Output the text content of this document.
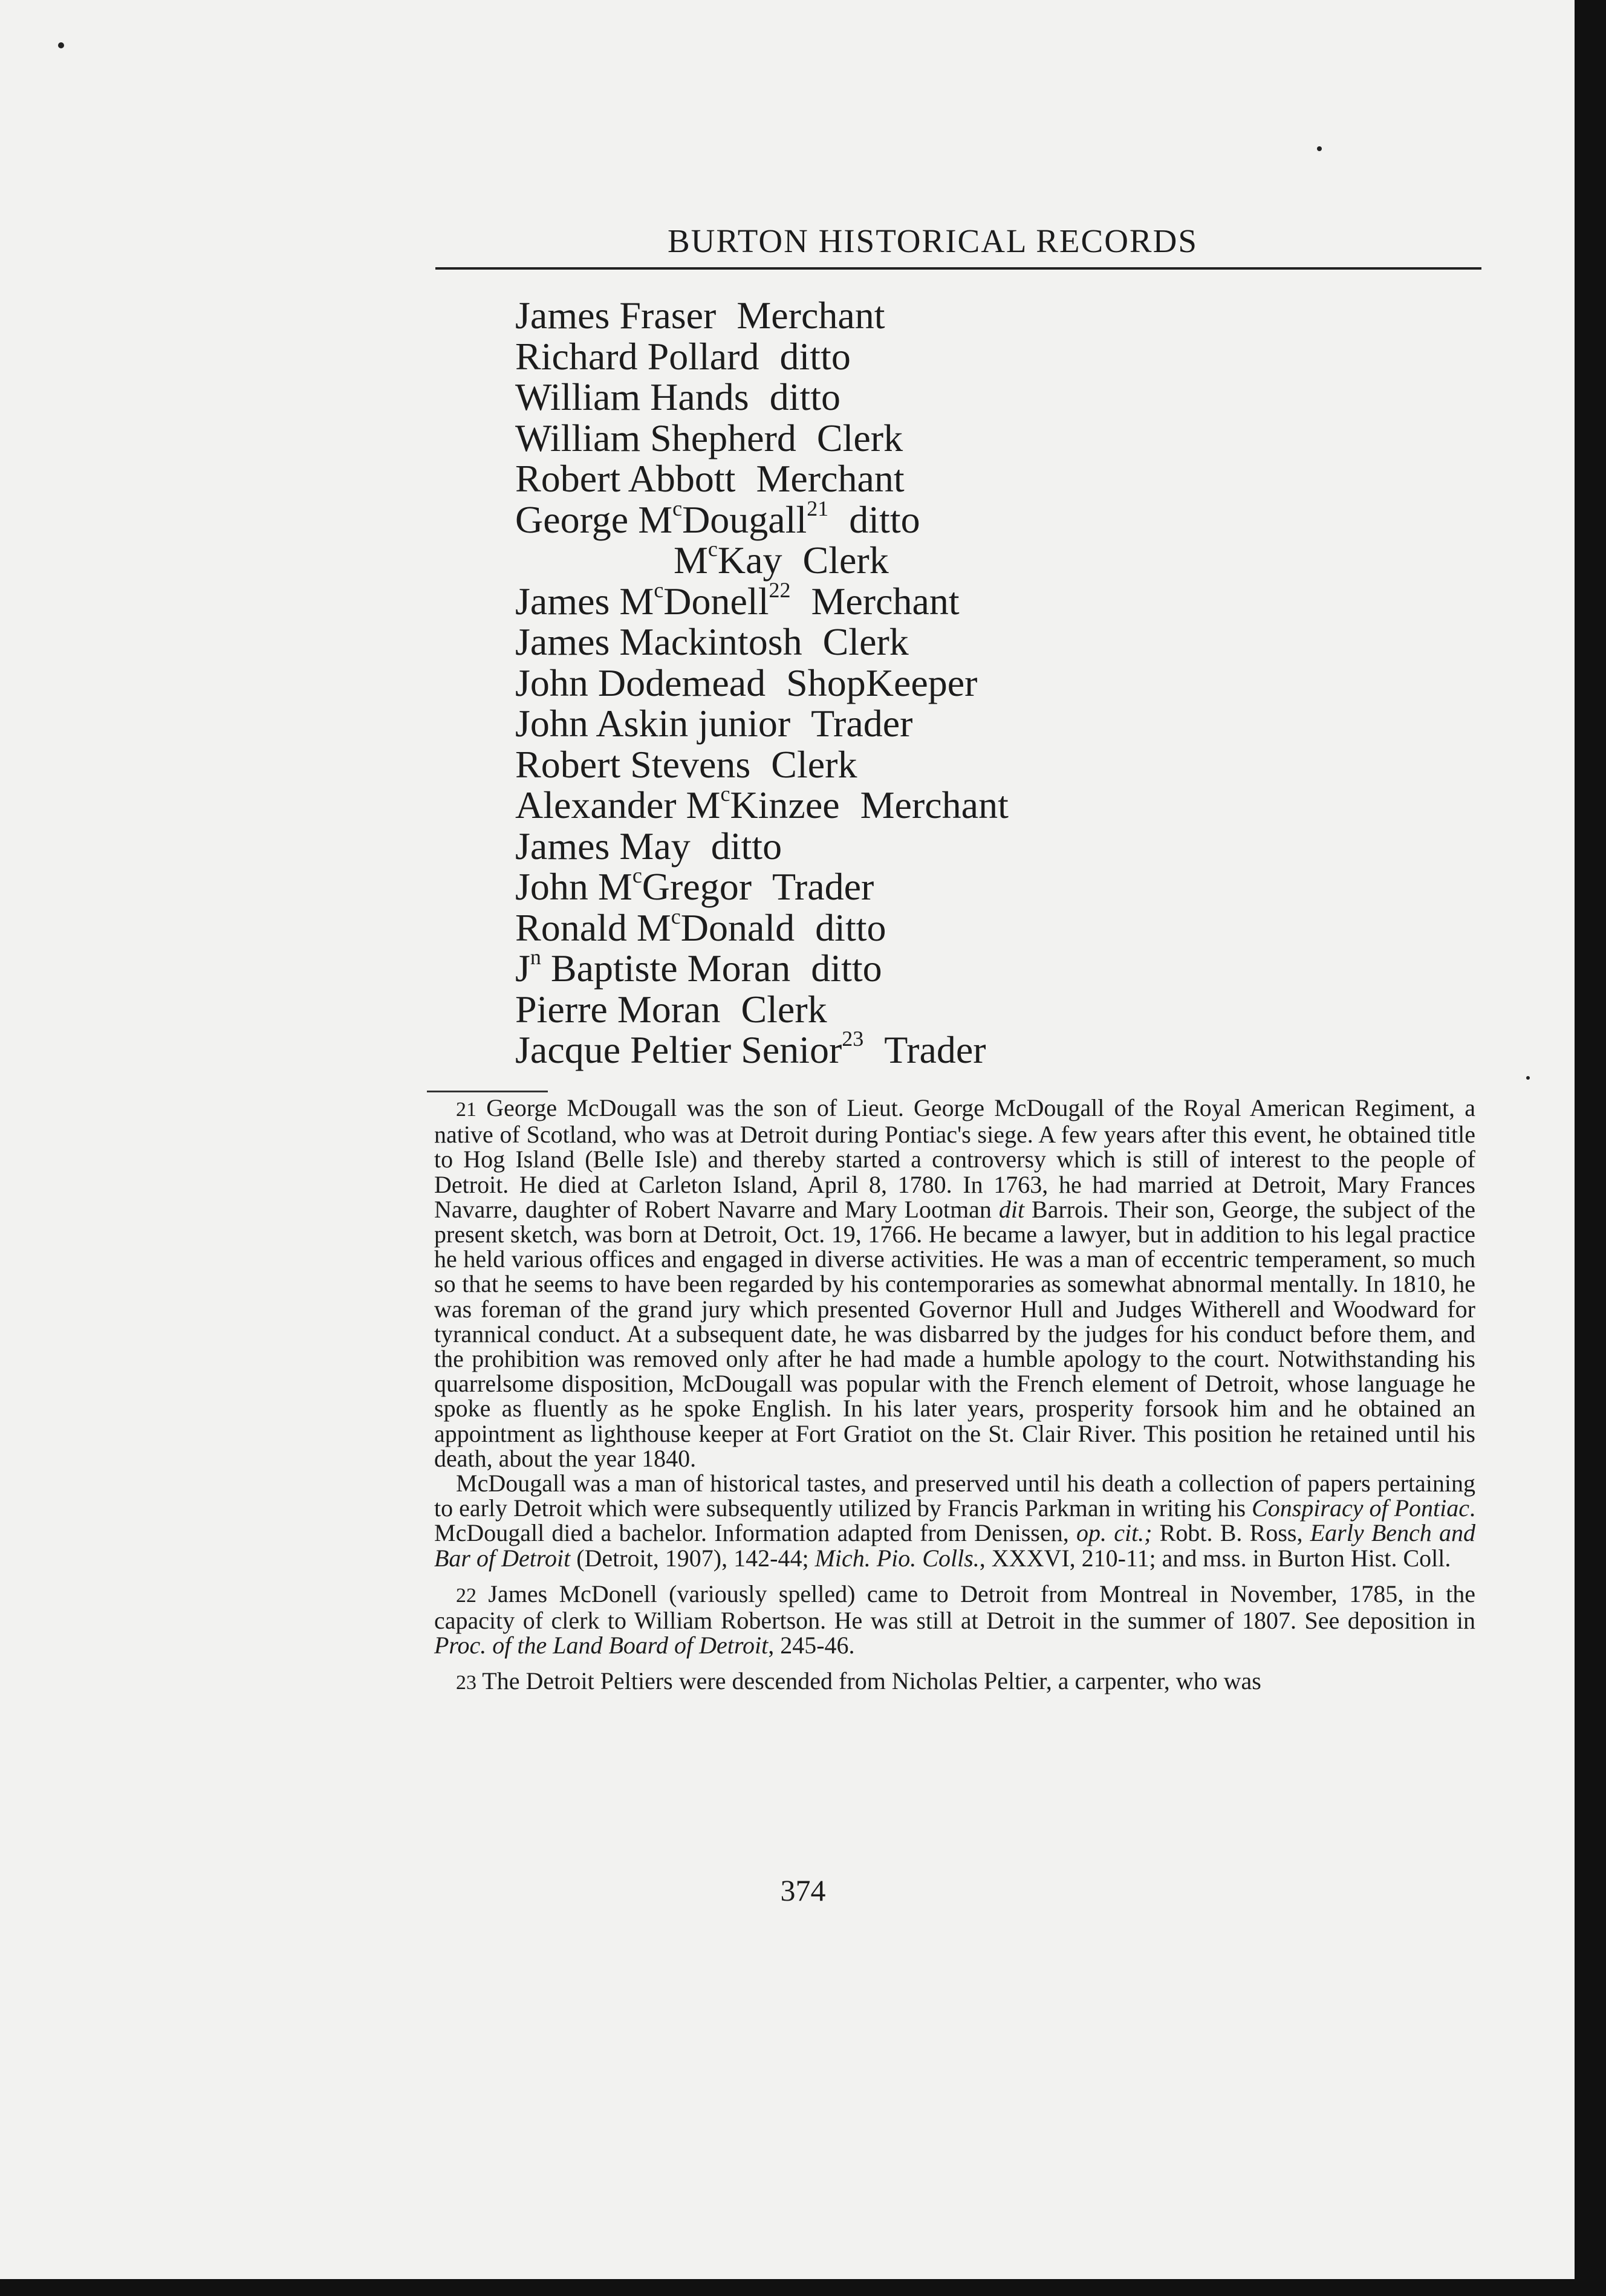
BURTON HISTORICAL RECORDS
James Fraser Merchant
Richard Pollard ditto
William Hands ditto
William Shepherd Clerk
Robert Abbott Merchant
George $M^cDougall^{21}$ ditto
$M^cKay$ Clerk
James $M^cDonell^{22}$ Merchant
James Mackintosh Clerk
John Dodemead ShopKeeper
John Askin junior Trader
Robert Stevens Clerk
Alexander $M^cKinzee$ Merchant
James May ditto
John $M^cGregor$ Trader
Ronald $M^cDonald$ ditto
$J^n$ Baptiste Moran ditto
Pierre Moran Clerk
Jacque Peltier Senior$^{23}$ Trader

21 George McDougall was the son of Lieut. George McDougall of the Royal American Regiment, a native of Scotland, who was at Detroit during Pontiac's siege. A few years after this event, he obtained title to Hog Island (Belle Isle) and thereby started a controversy which is still of interest to the people of Detroit. He died at Carleton Island, April 8, 1780. In 1763, he had married at Detroit, Mary Frances Navarre, daughter of Robert Navarre and Mary Lootman dit Barrois. Their son, George, the subject of the present sketch, was born at Detroit, Oct. 19, 1766. He became a lawyer, but in addition to his legal practice he held various offices and engaged in diverse activities. He was a man of eccentric temperament, so much so that he seems to have been regarded by his contemporaries as somewhat abnormal mentally. In 1810, he was foreman of the grand jury which presented Governor Hull and Judges Witherell and Woodward for tyrannical conduct. At a subsequent date, he was disbarred by the judges for his conduct before them, and the prohibition was removed only after he had made a humble apology to the court. Notwithstanding his quarrelsome disposition, McDougall was popular with the French element of Detroit, whose language he spoke as fluently as he spoke English. In his later years, prosperity forsook him and he obtained an appointment as lighthouse keeper at Fort Gratiot on the St. Clair River. This position he retained until his death, about the year 1840.

McDougall was a man of historical tastes, and preserved until his death a collection of papers pertaining to early Detroit which were subsequently utilized by Francis Parkman in writing his Conspiracy of Pontiac. McDougall died a bachelor. Information adapted from Denissen, op. cit.; Robt. B. Ross, Early Bench and Bar of Detroit (Detroit, 1907), 142-44; Mich. Pio. Colls., XXXVI, 210-11; and mss. in Burton Hist. Coll.

22 James McDonell (variously spelled) came to Detroit from Montreal in November, 1785, in the capacity of clerk to William Robertson. He was still at Detroit in the summer of 1807. See deposition in Proc. of the Land Board of Detroit, 245-46.

23 The Detroit Peltiers were descended from Nicholas Peltier, a carpenter, who was

374
